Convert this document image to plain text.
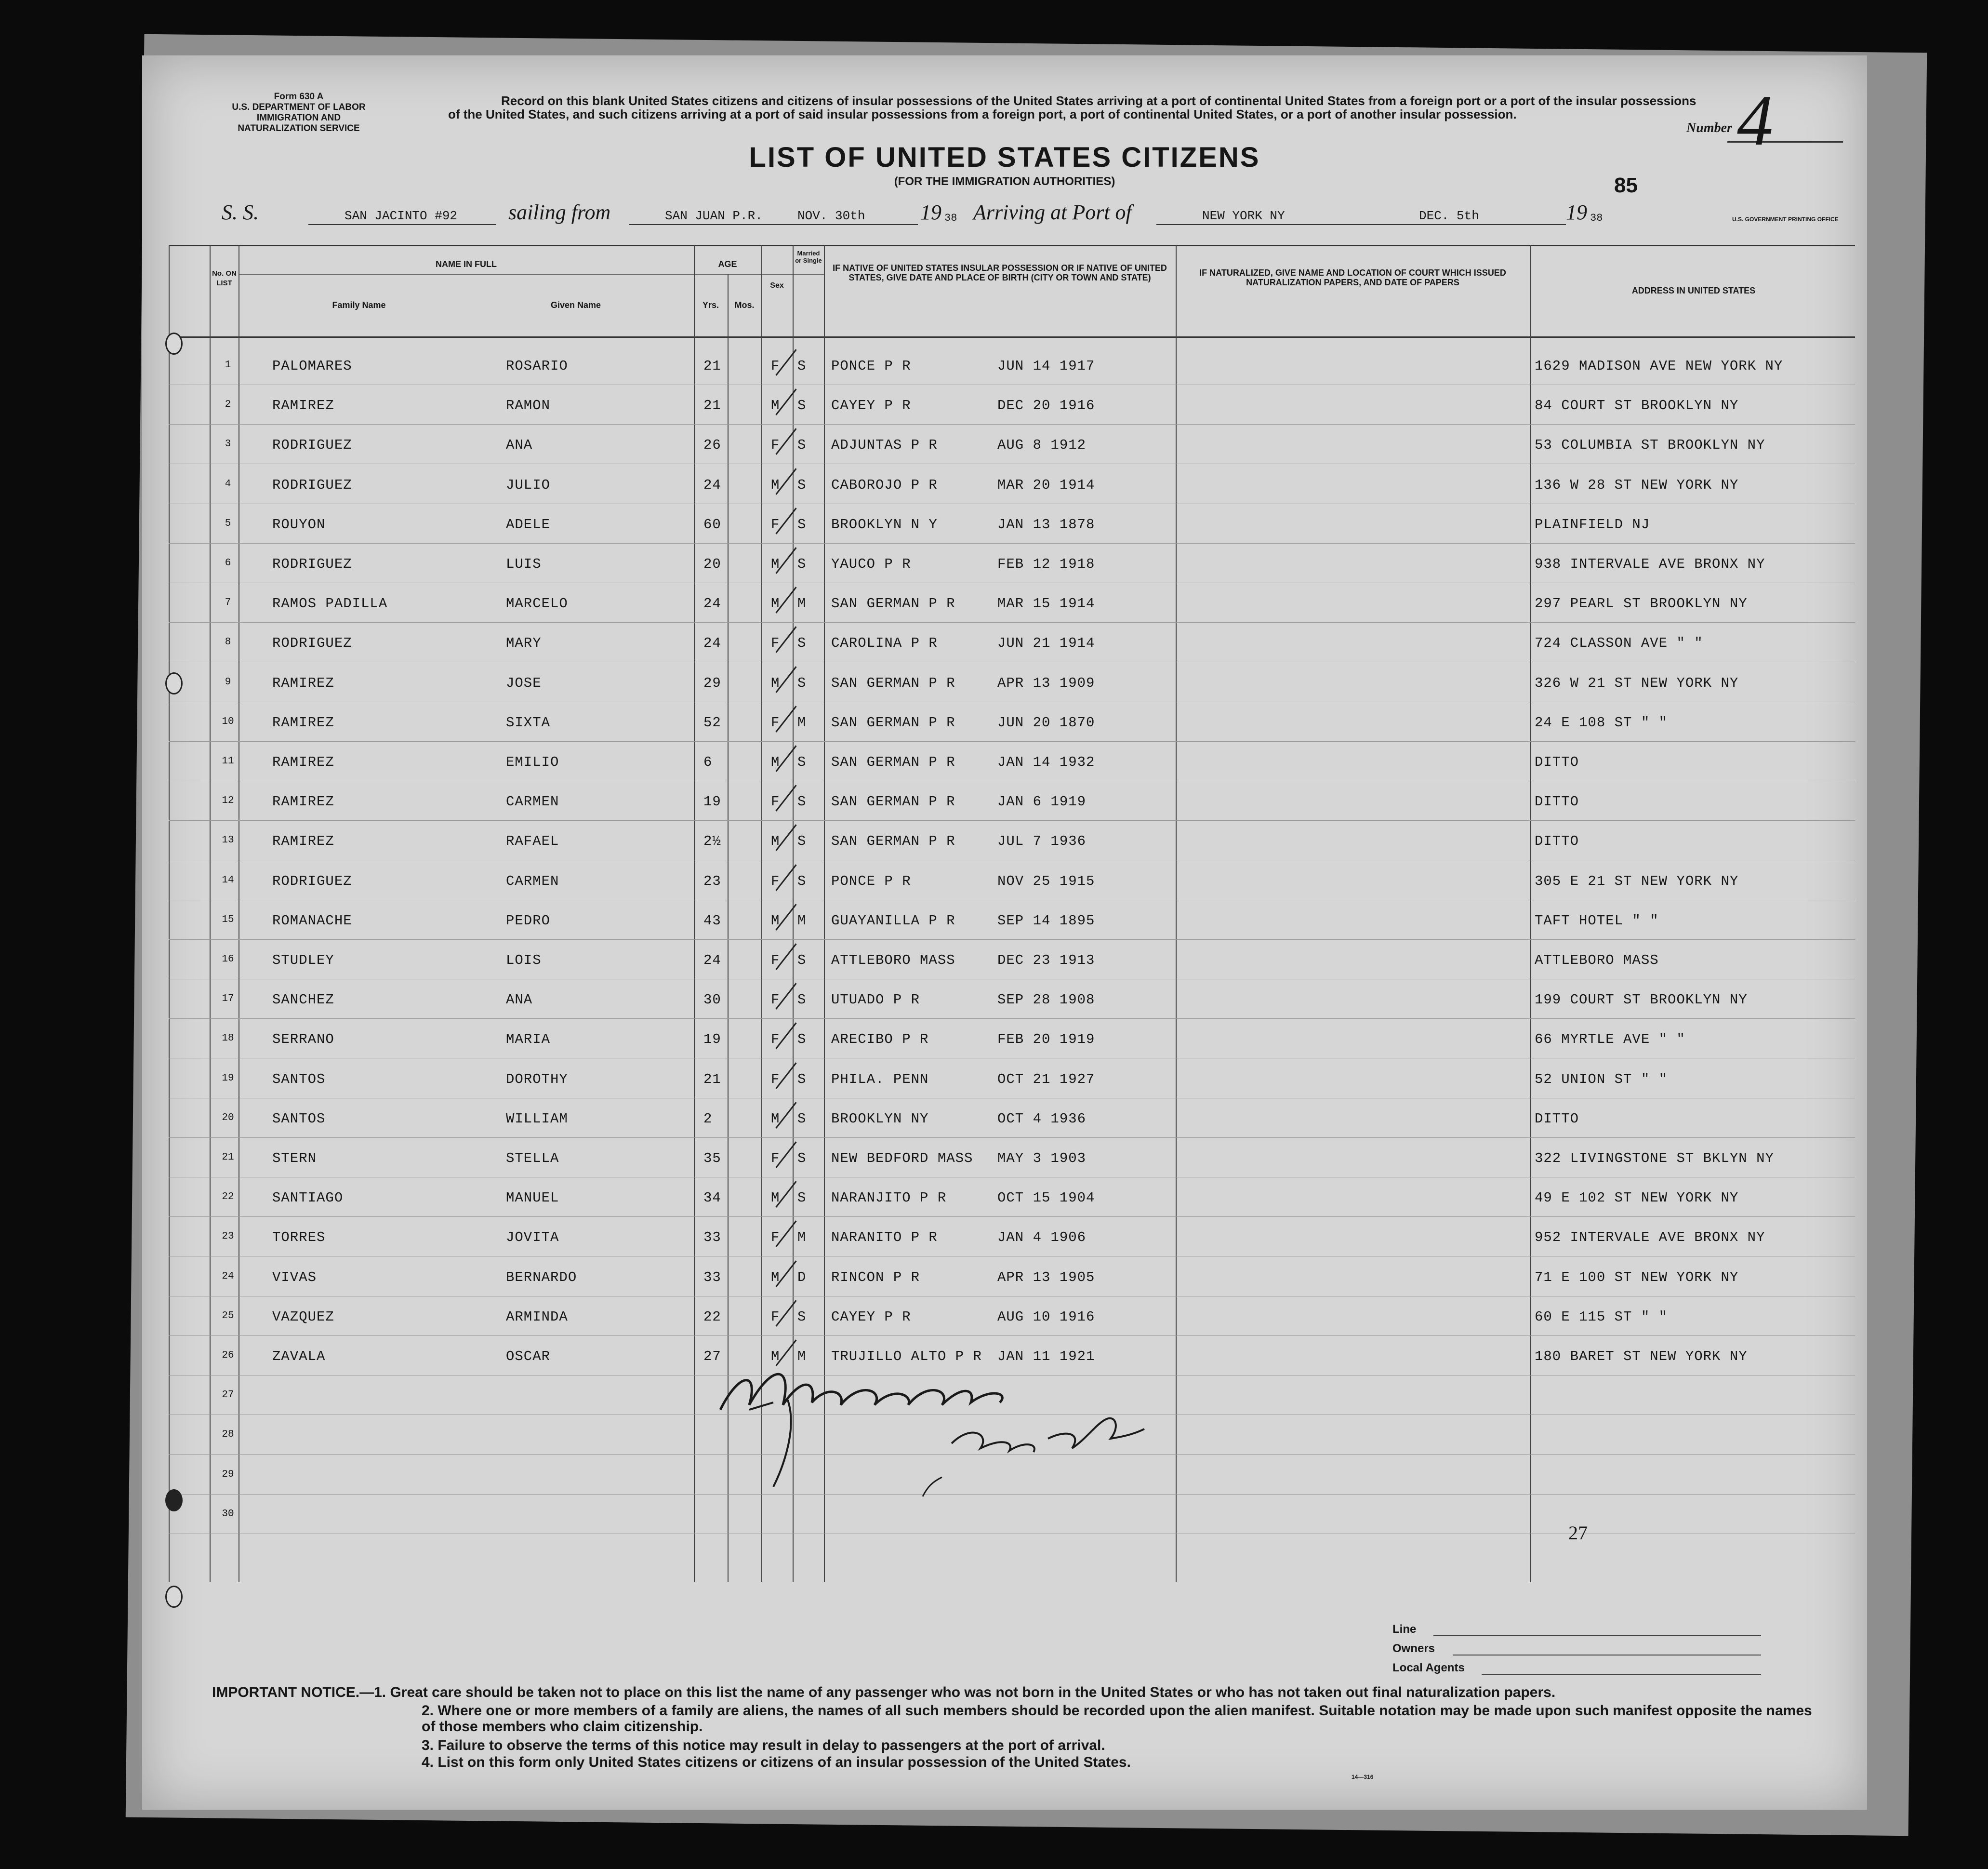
Form 630 A
U.S. DEPARTMENT OF LABOR
IMMIGRATION AND
NATURALIZATION SERVICE
Record on this blank United States citizens and citizens of insular possessions of the United States arriving at a port of continental United States from a foreign port or a port of the insular possessions of the United States, and such citizens arriving at a port of said insular possessions from a foreign port, a port of continental United States, or a port of another insular possession.
Number 4
LIST OF UNITED STATES CITIZENS
(FOR THE IMMIGRATION AUTHORITIES)	85
S. S.	SAN JACINTO #92 sailing from	SAN JUAN P.R.	NOV. 30th	19 38 Arriving at Port of	NEW YORK NY	DEC. 5th	19 38	U.S. GOVERNMENT PRINTING OFFICE
No. ON LIST
NAME IN FULL
Family Name	Given Name
AGE
Yrs.	Mos.
Sex
Married or Single
IF NATIVE OF UNITED STATES INSULAR POSSESSION OR IF NATIVE OF UNITED STATES, GIVE DATE AND PLACE OF BIRTH (CITY OR TOWN AND STATE)	IF NATURALIZED, GIVE NAME AND LOCATION OF COURT WHICH ISSUED NATURALIZATION PAPERS, AND DATE OF PAPERS
ADDRESS IN UNITED STATES
1	PALOMARES	ROSARIO	21	F S PONCE P R	JUN 14 1917	1629 MADISON AVE NEW YORK NY
2	RAMIREZ	RAMON	21	M S CAYEY P R	DEC 20 1916	84 COURT ST BROOKLYN NY
3	RODRIGUEZ	ANA	26	F S ADJUNTAS P R	AUG 8 1912	53 COLUMBIA ST BROOKLYN NY
4	RODRIGUEZ	JULIO	24	M S CABOROJO P R	MAR 20 1914	136 W 28 ST NEW YORK NY
5	ROUYON	ADELE	60	F S BROOKLYN N Y	JAN 13 1878	PLAINFIELD NJ
6	RODRIGUEZ	LUIS	20	M S YAUCO P R	FEB 12 1918	938 INTERVALE AVE BRONX NY
7	RAMOS PADILLA	MARCELO	24	M M SAN GERMAN P R	MAR 15 1914	297 PEARL ST BROOKLYN NY
8	RODRIGUEZ	MARY	24	F S CAROLINA P R	JUN 21 1914	724 CLASSON AVE " "
9	RAMIREZ	JOSE	29	M S SAN GERMAN P R	APR 13 1909	326 W 21 ST NEW YORK NY
10	RAMIREZ	SIXTA	52	F M SAN GERMAN P R	JUN 20 1870	24 E 108 ST " "
11	RAMIREZ	EMILIO	6	M S SAN GERMAN P R	JAN 14 1932	DITTO
12	RAMIREZ	CARMEN	19	F S SAN GERMAN P R	JAN 6 1919	DITTO
13	RAMIREZ	RAFAEL	2½	M S SAN GERMAN P R	JUL 7 1936	DITTO
14	RODRIGUEZ	CARMEN	23	F S PONCE P R	NOV 25 1915	305 E 21 ST NEW YORK NY
15	ROMANACHE	PEDRO	43	M M GUAYANILLA P R	SEP 14 1895	TAFT HOTEL " "
16	STUDLEY	LOIS	24	F S ATTLEBORO MASS	DEC 23 1913	ATTLEBORO MASS
17	SANCHEZ	ANA	30	F S UTUADO P R	SEP 28 1908	199 COURT ST BROOKLYN NY
18	SERRANO	MARIA	19	F S ARECIBO P R	FEB 20 1919	66 MYRTLE AVE " "
19	SANTOS	DOROTHY	21	F S PHILA. PENN	OCT 21 1927	52 UNION ST " "
20	SANTOS	WILLIAM	2	M S BROOKLYN NY	OCT 4 1936	DITTO
21	STERN	STELLA	35	F S NEW BEDFORD MASS MAY 3 1903	322 LIVINGSTONE ST BKLYN NY
22	SANTIAGO	MANUEL	34	M S NARANJITO P R	OCT 15 1904	49 E 102 ST NEW YORK NY
23	TORRES	JOVITA	33	F M NARANITO P R	JAN 4 1906	952 INTERVALE AVE BRONX NY
24	VIVAS	BERNARDO	33	M D RINCON P R	APR 13 1905	71 E 100 ST NEW YORK NY
25	VAZQUEZ	ARMINDA	22	F S CAYEY P R	AUG 10 1916	60 E 115 ST " "
26	ZAVALA	OSCAR	27	M M TRUJILLO ALTO P R JAN 11 1921	180 BARET ST NEW YORK NY
27
28
29
30
27
Line
Owners
Local Agents
IMPORTANT NOTICE.—1. Great care should be taken not to place on this list the name of any passenger who was not born in the United States or who has not taken out final naturalization papers.
2. Where one or more members of a family are aliens, the names of all such members should be recorded upon the alien manifest. Suitable notation may be made upon such manifest opposite the names of those members who claim citizenship.
3. Failure to observe the terms of this notice may result in delay to passengers at the port of arrival.
4. List on this form only United States citizens or citizens of an insular possession of the United States.
14—316
